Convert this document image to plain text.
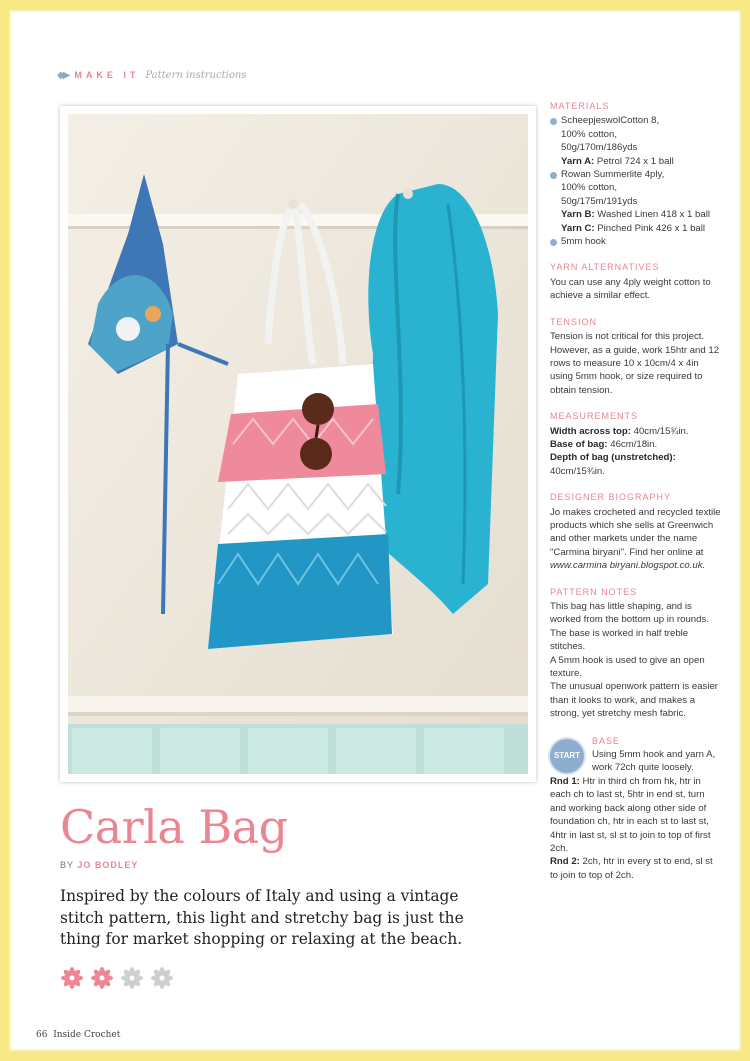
◆▶ MAKE IT Pattern instructions
MATERIALS
ScheepjeswolCotton 8,
100% cotton,
50g/170m/186yds
Yarn A: Petrol 724 x 1 ball
Rowan Summerlite 4ply,
100% cotton,
50g/175m/191yds
Yarn B: Washed Linen 418 x 1 ball
Yarn C: Pinched Pink 426 x 1 ball
5mm hook
YARN ALTERNATIVES
You can use any 4ply weight cotton to achieve a similar effect.
TENSION
Tension is not critical for this project. However, as a guide, work 15htr and 12 rows to measure 10 x 10cm/4 x 4in using 5mm hook, or size required to obtain tension.
MEASUREMENTS
Width across top: 40cm/15¾in.
Base of bag: 46cm/18in.
Depth of bag (unstretched):
40cm/15¾in.
DESIGNER BIOGRAPHY
Jo makes crocheted and recycled textile products which she sells at Greenwich and other markets under the name "Carmina biryani". Find her online at www.carmina biryani.blogspot.co.uk.
PATTERN NOTES
This bag has little shaping, and is worked from the bottom up in rounds.
The base is worked in half treble stitches.
A 5mm hook is used to give an open texture.
The unusual openwork pattern is easier than it looks to work, and makes a strong, yet stretchy mesh fabric.
START
BASE
Using 5mm hook and yarn A, work 72ch quite loosely.
Rnd 1: Htr in third ch from hk, htr in each ch to last st, 5htr in end st, turn and working back along other side of foundation ch, htr in each st to last st, 4htr in last st, sl st to join to top of first 2ch.
Rnd 2: 2ch, htr in every st to end, sl st to join to top of 2ch.
Carla Bag
BY JO BODLEY
Inspired by the colours of Italy and using a vintage stitch pattern, this light and stretchy bag is just the thing for market shopping or relaxing at the beach.
66 Inside Crochet
